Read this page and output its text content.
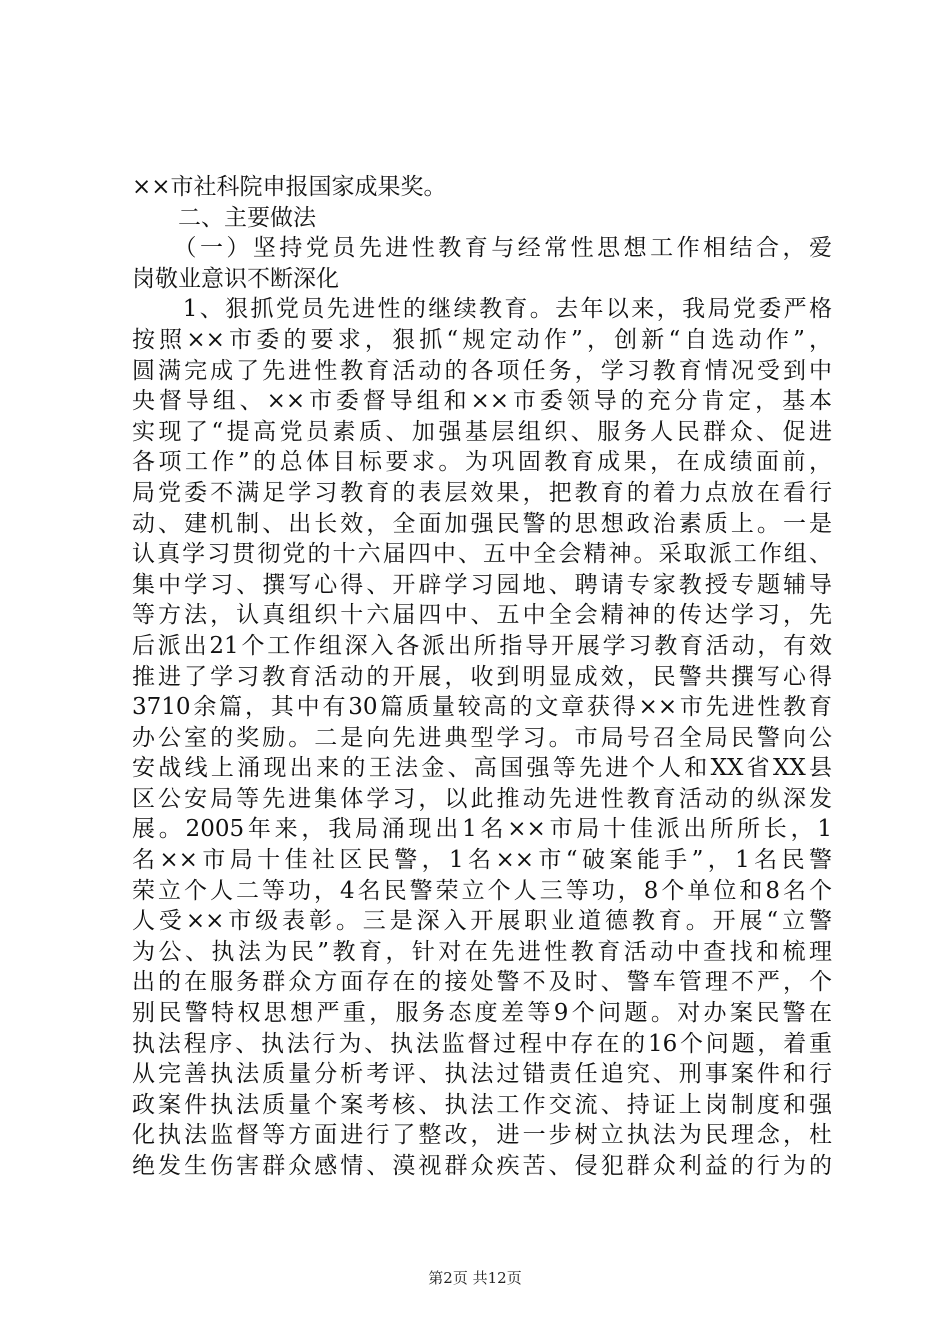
××市社科院申报国家成果奖。
　　二、主要做法
　　（一）坚持党员先进性教育与经常性思想工作相结合，爱
岗敬业意识不断深化
　　1、狠抓党员先进性的继续教育。去年以来，我局党委严格
按照××市委的要求，狠抓“规定动作”，创新“自选动作”，
圆满完成了先进性教育活动的各项任务，学习教育情况受到中
央督导组、××市委督导组和××市委领导的充分肯定，基本
实现了“提高党员素质、加强基层组织、服务人民群众、促进
各项工作”的总体目标要求。为巩固教育成果，在成绩面前，
局党委不满足学习教育的表层效果，把教育的着力点放在看行
动、建机制、出长效，全面加强民警的思想政治素质上。一是
认真学习贯彻党的十六届四中、五中全会精神。采取派工作组、
集中学习、撰写心得、开辟学习园地、聘请专家教授专题辅导
等方法，认真组织十六届四中、五中全会精神的传达学习，先
后派出21个工作组深入各派出所指导开展学习教育活动，有效
推进了学习教育活动的开展，收到明显成效，民警共撰写心得
3710余篇，其中有30篇质量较高的文章获得××市先进性教育
办公室的奖励。二是向先进典型学习。市局号召全局民警向公
安战线上涌现出来的王法金、高国强等先进个人和XX省XX县
区公安局等先进集体学习，以此推动先进性教育活动的纵深发
展。2005年来，我局涌现出1名××市局十佳派出所所长，1
名××市局十佳社区民警，1名××市“破案能手”，1名民警
荣立个人二等功，4名民警荣立个人三等功，8个单位和8名个
人受××市级表彰。三是深入开展职业道德教育。开展“立警
为公、执法为民”教育，针对在先进性教育活动中查找和梳理
出的在服务群众方面存在的接处警不及时、警车管理不严，个
别民警特权思想严重，服务态度差等9个问题。对办案民警在
执法程序、执法行为、执法监督过程中存在的16个问题，着重
从完善执法质量分析考评、执法过错责任追究、刑事案件和行
政案件执法质量个案考核、执法工作交流、持证上岗制度和强
化执法监督等方面进行了整改，进一步树立执法为民理念，杜
绝发生伤害群众感情、漠视群众疾苦、侵犯群众利益的行为的
第2页 共12页
